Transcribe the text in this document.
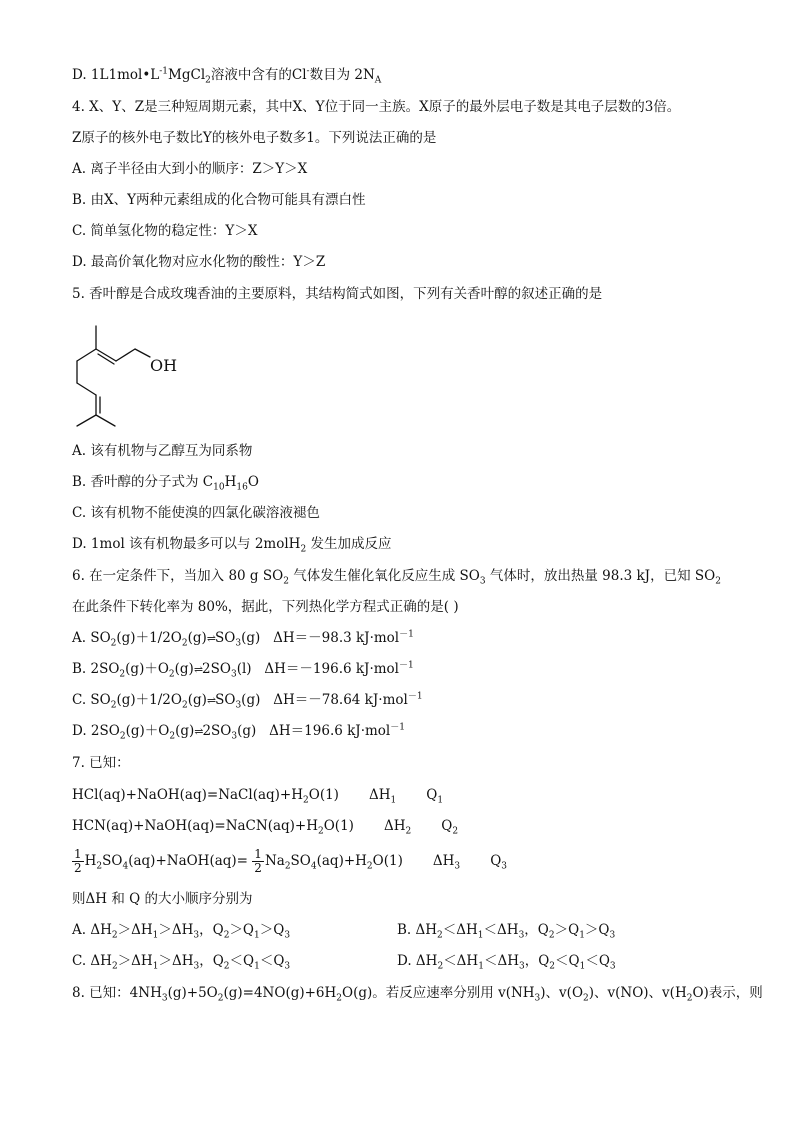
D. $1L1mol•L^{-1}MgCl_2$溶液中含有的Cl-数目为 $2N_A$
4. X、Y、Z是三种短周期元素，其中X、Y位于同一主族。X原子的最外层电子数是其电子层数的3倍。
Z原子的核外电子数比Y的核外电子数多1。下列说法正确的是
A. 离子半径由大到小的顺序：Z＞Y＞X
B. 由X、Y两种元素组成的化合物可能具有漂白性
C. 简单氢化物的稳定性：Y＞X
D. 最高价氧化物对应水化物的酸性：Y＞Z
5. 香叶醇是合成玫瑰香油的主要原料，其结构简式如图，下列有关香叶醇的叙述正确的是
OH
A. 该有机物与乙醇互为同系物
B. 香叶醇的分子式为 $C_{10}H_{16}O$
C. 该有机物不能使溴的四氯化碳溶液褪色
D. 1mol 该有机物最多可以与 2molH$_2$ 发生加成反应
6. 在一定条件下，当加入 80 g $SO_2$ 气体发生催化氧化反应生成 $SO_3$ 气体时，放出热量 98.3 kJ，已知 $SO_2$
在此条件下转化率为 80%，据此，下列热化学方程式正确的是( )
A. $SO_2(g)+1/2O_2(g)\rightleftharpoons SO_3(g)$   ΔH＝－98.3 kJ·mol$^{-1}$
B. $2SO_2(g)+O_2(g)\rightleftharpoons 2SO_3(l)$   ΔH＝－196.6 kJ·mol$^{-1}$
C. $SO_2(g)+1/2O_2(g)\rightleftharpoons SO_3(g)$   ΔH＝－78.64 kJ·mol$^{-1}$
D. $2SO_2(g)+O_2(g)\rightleftharpoons 2SO_3(g)$   ΔH＝196.6 kJ·mol$^{-1}$
7. 已知：
$HCl(aq)+NaOH(aq)=NaCl(aq)+H_2O(1)$       $\Delta H_1$       $Q_1$
$HCN(aq)+NaOH(aq)=NaCN(aq)+H_2O(1)$       $\Delta H_2$       $Q_2$
$\frac{1}{2}$ $H_2SO_4(aq)+NaOH(aq)= \frac{1}{2} Na_2SO_4(aq)+H_2O(1)$       $\Delta H_3$       $Q_3$
则ΔH 和 Q 的大小顺序分别为
A. $\Delta H_2>\Delta H_1>\Delta H_3$，$Q_2>Q_1>Q_3$	B. $\Delta H_2<\Delta H_1<\Delta H_3$，$Q_2>Q_1>Q_3$
C. $\Delta H_2>\Delta H_1>\Delta H_3$，$Q_2<Q_1<Q_3$	D. $\Delta H_2<\Delta H_1<\Delta H_3$，$Q_2<Q_1<Q_3$
8. 已知：$4NH_3(g)+5O_2(g)=4NO(g)+6H_2O(g)$。若反应速率分别用 $v(NH_3)$、$v(O_2)$、v(NO)、$v(H_2O)$表示，则
